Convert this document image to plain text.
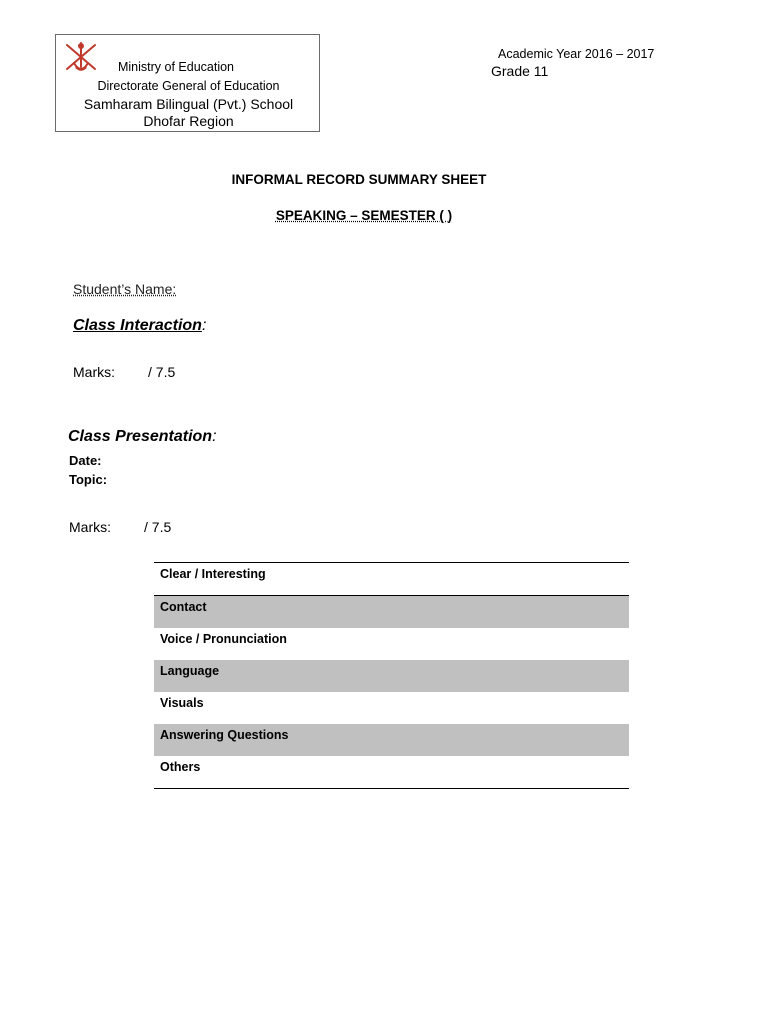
Ministry of Education
Directorate General of Education
Samharam Bilingual (Pvt.) School
Dhofar Region
Academic Year 2016 – 2017
Grade 11
INFORMAL RECORD SUMMARY SHEET
SPEAKING – SEMESTER ( )
Student’s Name:
Class Interaction:
Marks: / 7.5
Class Presentation:
Date:
Topic:
Marks: / 7.5
Clear / Interesting
Contact
Voice / Pronunciation
Language
Visuals
Answering Questions
Others
